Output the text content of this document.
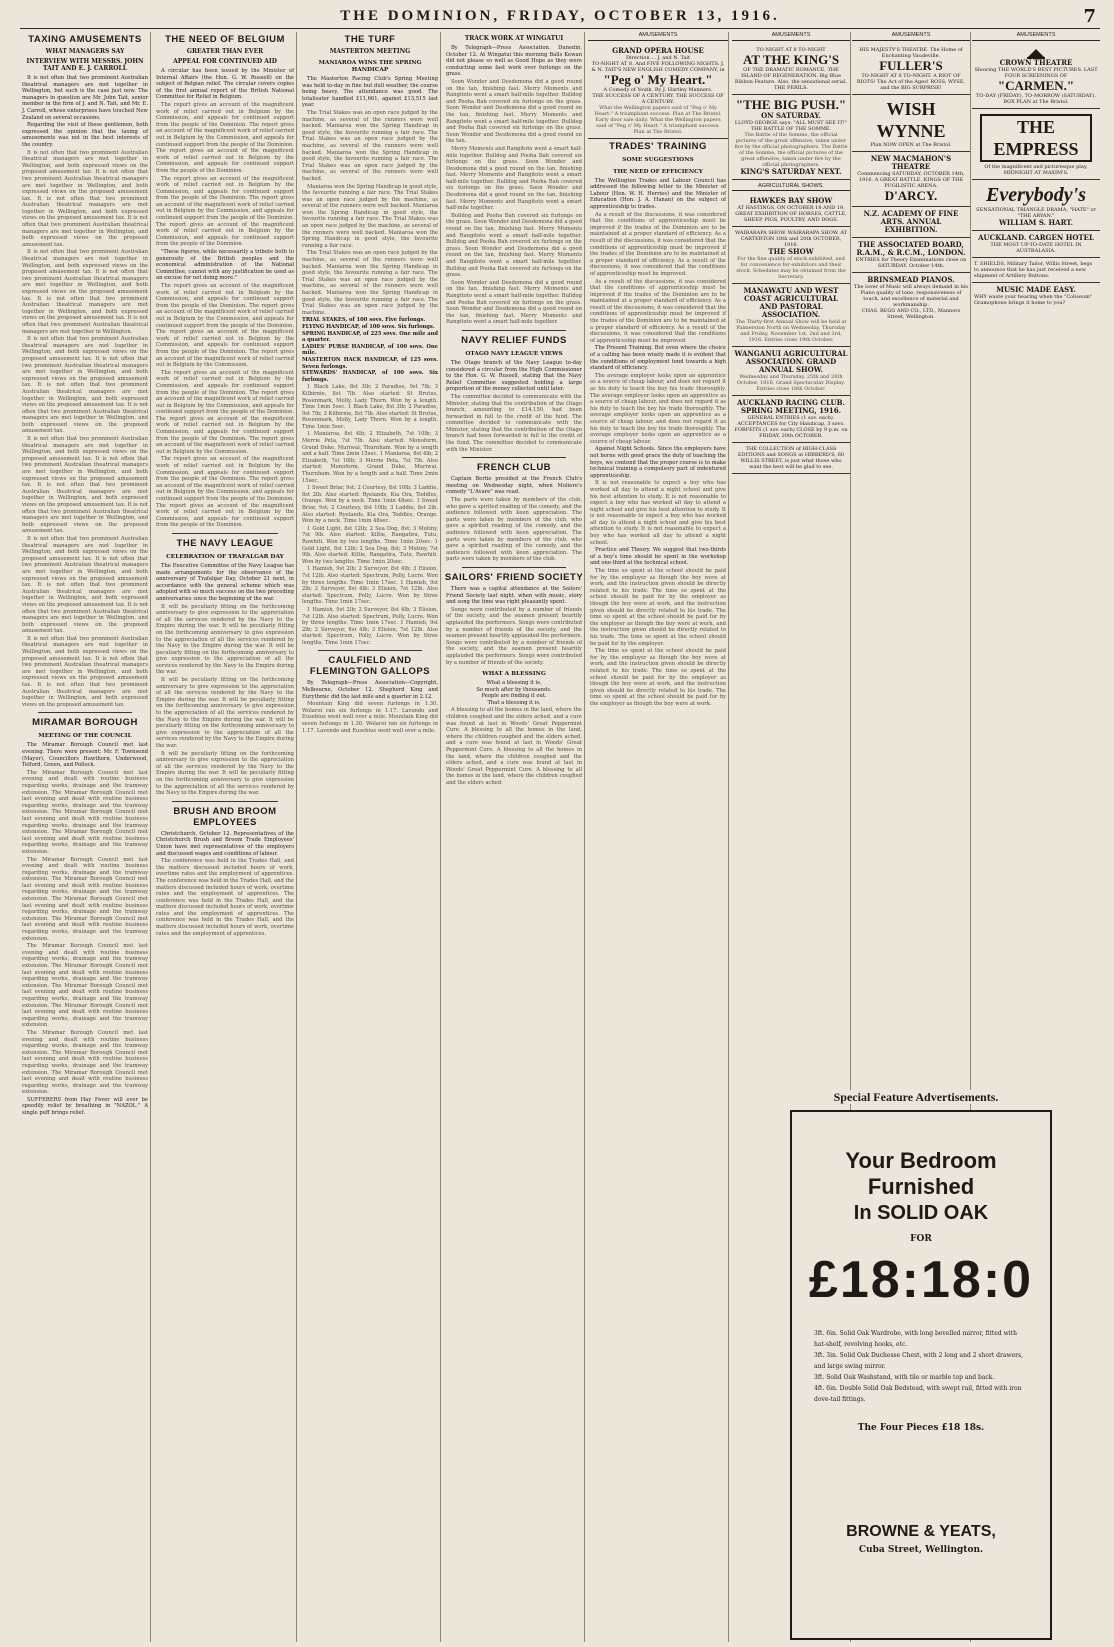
THE DOMINION, FRIDAY, OCTOBER 13, 1916.	7
TAXING AMUSEMENTS
WHAT MANAGERS SAY
INTERVIEW WITH MESSRS. JOHN TAIT AND E. J. CARROLL

It is not often that two prominent Australian theatrical managers are met together in Wellington, but such is the case just now. The managers in question are Mr. John Tait, senior member in the firm of J. and N. Tait, and Mr. E. J. Carroll, whose enterprises have touched New Zealand on several occasions.

Regarding the visit of these gentlemen, both expressed the opinion that the taxing of amusements was not in the best interests of the country.

It is not often that two prominent Australian theatrical managers are met together in Wellington, and both expressed views on the proposed amusement tax. It is not often that two prominent Australian theatrical managers are met together in Wellington, and both expressed views on the proposed amusement tax. It is not often that two prominent Australian theatrical managers are met together in Wellington, and both expressed views on the proposed amusement tax. It is not often that two prominent Australian theatrical managers are met together in Wellington, and both expressed views on the proposed amusement tax.

It is not often that two prominent Australian theatrical managers are met together in Wellington, and both expressed views on the proposed amusement tax. It is not often that two prominent Australian theatrical managers are met together in Wellington, and both expressed views on the proposed amusement tax. It is not often that two prominent Australian theatrical managers are met together in Wellington, and both expressed views on the proposed amusement tax. It is not often that two prominent Australian theatrical managers are met together in Wellington.

It is not often that two prominent Australian theatrical managers are met together in Wellington, and both expressed views on the proposed amusement tax. It is not often that two prominent Australian theatrical managers are met together in Wellington, and both expressed views on the proposed amusement tax. It is not often that two prominent Australian theatrical managers are met together in Wellington, and both expressed views on the proposed amusement tax. It is not often that two prominent Australian theatrical managers are met together in Wellington, and both expressed views on the proposed amusement tax.

It is not often that two prominent Australian theatrical managers are met together in Wellington, and both expressed views on the proposed amusement tax. It is not often that two prominent Australian theatrical managers are met together in Wellington, and both expressed views on the proposed amusement tax. It is not often that two prominent Australian theatrical managers are met together in Wellington, and both expressed views on the proposed amusement tax. It is not often that two prominent Australian theatrical managers are met together in Wellington, and both expressed views on the proposed amusement tax.

It is not often that two prominent Australian theatrical managers are met together in Wellington, and both expressed views on the proposed amusement tax. It is not often that two prominent Australian theatrical managers are met together in Wellington, and both expressed views on the proposed amusement tax. It is not often that two prominent Australian theatrical managers are met together in Wellington, and both expressed views on the proposed amusement tax. It is not often that two prominent Australian theatrical managers are met together in Wellington, and both expressed views on the proposed amusement tax.

It is not often that two prominent Australian theatrical managers are met together in Wellington, and both expressed views on the proposed amusement tax. It is not often that two prominent Australian theatrical managers are met together in Wellington, and both expressed views on the proposed amusement tax. It is not often that two prominent Australian theatrical managers are met together in Wellington, and both expressed views on the proposed amusement tax.

MIRAMAR BOROUGH
MEETING OF THE COUNCIL

The Miramar Borough Council met last evening. There were present: Mr. F. Townsend (Mayor), Councillors Hawthorn, Underwood, Telford, Green, and Pollock.

The Miramar Borough Council met last evening and dealt with routine business regarding works, drainage and the tramway extension. The Miramar Borough Council met last evening and dealt with routine business regarding works, drainage and the tramway extension. The Miramar Borough Council met last evening and dealt with routine business regarding works, drainage and the tramway extension. The Miramar Borough Council met last evening and dealt with routine business regarding works, drainage and the tramway extension.

The Miramar Borough Council met last evening and dealt with routine business regarding works, drainage and the tramway extension. The Miramar Borough Council met last evening and dealt with routine business regarding works, drainage and the tramway extension. The Miramar Borough Council met last evening and dealt with routine business regarding works, drainage and the tramway extension. The Miramar Borough Council met last evening and dealt with routine business regarding works, drainage and the tramway extension.

The Miramar Borough Council met last evening and dealt with routine business regarding works, drainage and the tramway extension. The Miramar Borough Council met last evening and dealt with routine business regarding works, drainage and the tramway extension. The Miramar Borough Council met last evening and dealt with routine business regarding works, drainage and the tramway extension. The Miramar Borough Council met last evening and dealt with routine business regarding works, drainage and the tramway extension.

The Miramar Borough Council met last evening and dealt with routine business regarding works, drainage and the tramway extension. The Miramar Borough Council met last evening and dealt with routine business regarding works, drainage and the tramway extension. The Miramar Borough Council met last evening and dealt with routine business regarding works, drainage and the tramway extension.

SUFFERERS from Hay Fever will ever be speedily relief by breathing in "NAZOL." A single puff brings relief.

THE NEED OF BELGIUM
GREATER THAN EVER
APPEAL FOR CONTINUED AID

A circular has been issued by the Minister of Internal Affairs (the Hon. G. W. Russell) on the subject of Belgian relief. The circular covers copies of the first annual report of the British National Committee for Relief in Belgium.

The report gives an account of the magnificent work of relief carried out in Belgium by the Commission, and appeals for continued support from the people of the Dominion. The report gives an account of the magnificent work of relief carried out in Belgium by the Commission, and appeals for continued support from the people of the Dominion. The report gives an account of the magnificent work of relief carried out in Belgium by the Commission, and appeals for continued support from the people of the Dominion.

The report gives an account of the magnificent work of relief carried out in Belgium by the Commission, and appeals for continued support from the people of the Dominion. The report gives an account of the magnificent work of relief carried out in Belgium by the Commission, and appeals for continued support from the people of the Dominion. The report gives an account of the magnificent work of relief carried out in Belgium by the Commission, and appeals for continued support from the people of the Dominion.

"These figures, while necessarily a tribute both to generosity of the British peoples and the economical administration of the National Committee, cannot with any justification be used as an excuse for not doing more."

The report gives an account of the magnificent work of relief carried out in Belgium by the Commission, and appeals for continued support from the people of the Dominion. The report gives an account of the magnificent work of relief carried out in Belgium by the Commission, and appeals for continued support from the people of the Dominion. The report gives an account of the magnificent work of relief carried out in Belgium by the Commission, and appeals for continued support from the people of the Dominion. The report gives an account of the magnificent work of relief carried out in Belgium by the Commission.

The report gives an account of the magnificent work of relief carried out in Belgium by the Commission, and appeals for continued support from the people of the Dominion. The report gives an account of the magnificent work of relief carried out in Belgium by the Commission, and appeals for continued support from the people of the Dominion. The report gives an account of the magnificent work of relief carried out in Belgium by the Commission, and appeals for continued support from the people of the Dominion. The report gives an account of the magnificent work of relief carried out in Belgium by the Commission.

The report gives an account of the magnificent work of relief carried out in Belgium by the Commission, and appeals for continued support from the people of the Dominion. The report gives an account of the magnificent work of relief carried out in Belgium by the Commission, and appeals for continued support from the people of the Dominion. The report gives an account of the magnificent work of relief carried out in Belgium by the Commission, and appeals for continued support from the people of the Dominion.

THE NAVY LEAGUE
CELEBRATION OF TRAFALGAR DAY

The Executive Committee of the Navy League has made arrangements for the observance of the anniversary of Trafalgar Day, October 21 next, in accordance with the general scheme which was adopted with so much success on the two preceding anniversaries since the beginning of the war.

It will be peculiarly fitting on the forthcoming anniversary to give expression to the appreciation of all the services rendered by the Navy to the Empire during the war. It will be peculiarly fitting on the forthcoming anniversary to give expression to the appreciation of all the services rendered by the Navy to the Empire during the war. It will be peculiarly fitting on the forthcoming anniversary to give expression to the appreciation of all the services rendered by the Navy to the Empire during the war.

It will be peculiarly fitting on the forthcoming anniversary to give expression to the appreciation of all the services rendered by the Navy to the Empire during the war. It will be peculiarly fitting on the forthcoming anniversary to give expression to the appreciation of all the services rendered by the Navy to the Empire during the war. It will be peculiarly fitting on the forthcoming anniversary to give expression to the appreciation of all the services rendered by the Navy to the Empire during the war.

It will be peculiarly fitting on the forthcoming anniversary to give expression to the appreciation of all the services rendered by the Navy to the Empire during the war. It will be peculiarly fitting on the forthcoming anniversary to give expression to the appreciation of all the services rendered by the Navy to the Empire during the war.

BRUSH AND BROOM EMPLOYEES

Christchurch, October 12. Representatives of the Christchurch Brush and Broom Trade Employees' Union have met representatives of the employers and discussed wages and conditions of labour.

The conference was held in the Trades Hall, and the matters discussed included hours of work, overtime rates and the employment of apprentices. The conference was held in the Trades Hall, and the matters discussed included hours of work, overtime rates and the employment of apprentices. The conference was held in the Trades Hall, and the matters discussed included hours of work, overtime rates and the employment of apprentices. The conference was held in the Trades Hall, and the matters discussed included hours of work, overtime rates and the employment of apprentices.

THE TURF
MASTERTON MEETING
MANIAROA WINS THE SPRING HANDICAP

The Masterton Racing Club's Spring Meeting was held to-day in fine but dull weather, the course being heavy. The attendance was good. The totalisator handled £11,661, against £13,515 last year.

The Trial Stakes was an open race judged by the machine, as several of the runners were well backed. Maniaroa won the Spring Handicap in good style, the favourite running a fair race. The Trial Stakes was an open race judged by the machine, as several of the runners were well backed. Maniaroa won the Spring Handicap in good style, the favourite running a fair race. The Trial Stakes was an open race judged by the machine, as several of the runners were well backed.

Maniaroa won the Spring Handicap in good style, the favourite running a fair race. The Trial Stakes was an open race judged by the machine, as several of the runners were well backed. Maniaroa won the Spring Handicap in good style, the favourite running a fair race. The Trial Stakes was an open race judged by the machine, as several of the runners were well backed. Maniaroa won the Spring Handicap in good style, the favourite running a fair race.

The Trial Stakes was an open race judged by the machine, as several of the runners were well backed. Maniaroa won the Spring Handicap in good style, the favourite running a fair race. The Trial Stakes was an open race judged by the machine, as several of the runners were well backed. Maniaroa won the Spring Handicap in good style, the favourite running a fair race. The Trial Stakes was an open race judged by the machine.

TRIAL STAKES, of 100 sovs. Five furlongs.
FLYING HANDICAP, of 100 sovs. Six furlongs.
SPRING HANDICAP, of 225 sovs. One mile and a quarter.
LADIES' PURSE HANDICAP, of 100 sovs. One mile.
MASTERTON HACK HANDICAP, of 125 sovs. Seven furlongs.
STEWARDS' HANDICAP, of 100 sovs. Six furlongs.

1 Black Lake, 8st 3lb; 2 Paradise, 9st 7lb; 3 Kilbirnie, 8st 7lb. Also started: St Brutus, Rosenmark, Molly, Lady Thorn. Won by a length. Time 1min 5sec. 1 Black Lake, 8st 3lb; 2 Paradise, 9st 7lb; 3 Kilbirnie, 8st 7lb. Also started: St Brutus, Rosenmark, Molly, Lady Thorn. Won by a length. Time 1min 5sec.

1 Maniaroa, 8st 4lb; 2 Elizabeth, 7st 10lb; 3 Merrie Peta, 7st 7lb. Also started: Monoform, Grand Duke, Muriwai, Thurnham. Won by a length and a half. Time 2min 15sec. 1 Maniaroa, 8st 4lb; 2 Elizabeth, 7st 10lb; 3 Merrie Peta, 7st 7lb. Also started: Monoform, Grand Duke, Muriwai, Thurnham. Won by a length and a half. Time 2min 15sec.

1 Sweet Briar, 9st; 2 Courtesy, 8st 10lb; 3 Laddie, 8st 2lb. Also started: Ryelands, Kia Ora, Toddles, Orange. Won by a neck. Time 1min 48sec. 1 Sweet Briar, 9st; 2 Courtesy, 8st 10lb; 3 Laddie, 8st 2lb. Also started: Ryelands, Kia Ora, Toddles, Orange. Won by a neck. Time 1min 48sec.

1 Gold Light, 8st 12lb; 2 Sea Dog, 8st; 3 Mutiny, 7st 9lb. Also started: Kiltie, Rangatira, Tutu, Rawhiti. Won by two lengths. Time 1min 20sec. 1 Gold Light, 8st 12lb; 2 Sea Dog, 8st; 3 Mutiny, 7st 9lb. Also started: Kiltie, Rangatira, Tutu, Rawhiti. Won by two lengths. Time 1min 20sec.

1 Hamish, 9st 2lb; 2 Surveyor, 8st 4lb; 3 Elision, 7st 12lb. Also started: Spectrum, Polly, Lucre. Won by three lengths. Time 1min 17sec. 1 Hamish, 9st 2lb; 2 Surveyor, 8st 4lb; 3 Elision, 7st 12lb. Also started: Spectrum, Polly, Lucre. Won by three lengths. Time 1min 17sec.

1 Hamish, 9st 2lb; 2 Surveyor, 8st 4lb; 3 Elision, 7st 12lb. Also started: Spectrum, Polly, Lucre. Won by three lengths. Time 1min 17sec. 1 Hamish, 9st 2lb; 2 Surveyor, 8st 4lb; 3 Elision, 7st 12lb. Also started: Spectrum, Polly, Lucre. Won by three lengths. Time 1min 17sec.

CAULFIELD AND FLEMINGTON GALLOPS

By Telegraph—Press Association—Copyright. Melbourne, October 12. Shepherd King and Eurythmic did the last mile and a quarter in 2.12.

Mountain King did seven furlongs in 1.30. Wolaroi ran six furlongs in 1.17. Lavendo and Eusebius went well over a mile. Mountain King did seven furlongs in 1.30. Wolaroi ran six furlongs in 1.17. Lavendo and Eusebius went well over a mile.

TRACK WORK AT WINGATUI

By Telegraph—Press Association. Dunedin, October 12. At Wingatui this morning Balls Kewan did not please so well as Good Hope as they were conducting some fast work over furlongs on the grass.

Soon Wonder and Desdemona did a good round on the tan, finishing fast. Merry Moments and Rangitoto went a smart half-mile together. Bulldog and Pooha Bah covered six furlongs on the grass. Soon Wonder and Desdemona did a good round on the tan, finishing fast. Merry Moments and Rangitoto went a smart half-mile together. Bulldog and Pooha Bah covered six furlongs on the grass. Soon Wonder and Desdemona did a good round on the tan.

Merry Moments and Rangitoto went a smart half-mile together. Bulldog and Pooha Bah covered six furlongs on the grass. Soon Wonder and Desdemona did a good round on the tan, finishing fast. Merry Moments and Rangitoto went a smart half-mile together. Bulldog and Pooha Bah covered six furlongs on the grass. Soon Wonder and Desdemona did a good round on the tan, finishing fast. Merry Moments and Rangitoto went a smart half-mile together.

Bulldog and Pooha Bah covered six furlongs on the grass. Soon Wonder and Desdemona did a good round on the tan, finishing fast. Merry Moments and Rangitoto went a smart half-mile together. Bulldog and Pooha Bah covered six furlongs on the grass. Soon Wonder and Desdemona did a good round on the tan, finishing fast. Merry Moments and Rangitoto went a smart half-mile together. Bulldog and Pooha Bah covered six furlongs on the grass.

Soon Wonder and Desdemona did a good round on the tan, finishing fast. Merry Moments and Rangitoto went a smart half-mile together. Bulldog and Pooha Bah covered six furlongs on the grass. Soon Wonder and Desdemona did a good round on the tan, finishing fast. Merry Moments and Rangitoto went a smart half-mile together.

NAVY RELIEF FUNDS
OTAGO NAVY LEAGUE VIEWS

The Otago branch of the Navy League to-day considered a circular from the High Commissioner to the Hon. G. W. Russell, stating that the Navy Relief Committee suggested holding a large proportion of the money collected until later.

The committee decided to communicate with the Minister, stating that the contribution of the Otago branch, amounting to £14,150, had been forwarded in full to the credit of the fund. The committee decided to communicate with the Minister, stating that the contribution of the Otago branch had been forwarded in full to the credit of the fund. The committee decided to communicate with the Minister.

FRENCH CLUB

Captain Bertie presided at the French Club's meeting on Wednesday night, when Moliere's comedy "L'Avare" was read.

The parts were taken by members of the club, who gave a spirited reading of the comedy, and the audience followed with keen appreciation. The parts were taken by members of the club, who gave a spirited reading of the comedy, and the audience followed with keen appreciation. The parts were taken by members of the club, who gave a spirited reading of the comedy, and the audience followed with keen appreciation. The parts were taken by members of the club.

SAILORS' FRIEND SOCIETY

There was a capital attendance at the Sailors' Friend Society last night, when with music, story and song the time was right pleasantly spent.

Songs were contributed by a number of friends of the society, and the seamen present heartily applauded the performers. Songs were contributed by a number of friends of the society, and the seamen present heartily applauded the performers. Songs were contributed by a number of friends of the society, and the seamen present heartily applauded the performers. Songs were contributed by a number of friends of the society.

WHAT A BLESSING

What a blessing it is,
So much after by thousands.
People are finding it out.
That a blessing it is.

A blessing to all the homes in the land, where the children coughed and the elders ached, and a cure was found at last in Woods' Great Peppermint Cure. A blessing to all the homes in the land, where the children coughed and the elders ached, and a cure was found at last in Woods' Great Peppermint Cure. A blessing to all the homes in the land, where the children coughed and the elders ached, and a cure was found at last in Woods' Great Peppermint Cure. A blessing to all the homes in the land, where the children coughed and the elders ached.

AMUSEMENTS
GRAND OPERA HOUSE
Direction ... J. and N. Tait
TO-NIGHT AT 8. And FIVE FOLLOWING NIGHTS. J. & N. TAIT'S NEW ENGLISH COMEDY COMPANY, in
"Peg o' My Heart."
A Comedy of Youth. By J. Hartley Manners.
THE SUCCESS OF A CENTURY. THE SUCCESS OF A CENTURY.
What the Wellington papers said of "Peg o' My Heart." A triumphant success. Plan at The Bristol. Early door sale daily. What the Wellington papers said of "Peg o' My Heart." A triumphant success. Plan at The Bristol.
TRADES' TRAINING
SOME SUGGESTIONS
THE NEED OF EFFICIENCY

The Wellington Trades and Labour Council has addressed the following letter to the Minister of Labour (Hon. W. H. Herries) and the Minister of Education (Hon. J. A. Hanan) on the subject of apprenticeship to trades.

As a result of the discussions, it was considered that the conditions of apprenticeship must be improved if the trades of the Dominion are to be maintained at a proper standard of efficiency. As a result of the discussions, it was considered that the conditions of apprenticeship must be improved if the trades of the Dominion are to be maintained at a proper standard of efficiency. As a result of the discussions, it was considered that the conditions of apprenticeship must be improved.

As a result of the discussions, it was considered that the conditions of apprenticeship must be improved if the trades of the Dominion are to be maintained at a proper standard of efficiency. As a result of the discussions, it was considered that the conditions of apprenticeship must be improved if the trades of the Dominion are to be maintained at a proper standard of efficiency. As a result of the discussions, it was considered that the conditions of apprenticeship must be improved.

The Present Training. But even where the choice of a calling has been wisely made it is evident that the conditions of employment tend towards a high standard of efficiency.

The average employer looks upon an apprentice as a source of cheap labour, and does not regard it as his duty to teach the boy his trade thoroughly. The average employer looks upon an apprentice as a source of cheap labour, and does not regard it as his duty to teach the boy his trade thoroughly. The average employer looks upon an apprentice as a source of cheap labour, and does not regard it as his duty to teach the boy his trade thoroughly. The average employer looks upon an apprentice as a source of cheap labour.

Against Night Schools. Since the employers have not borne with good grace the duty of teaching the boys, we contend that the proper course is to make technical training a compulsory part of indentured apprenticeship.

It is not reasonable to expect a boy who has worked all day to attend a night school and give his best attention to study. It is not reasonable to expect a boy who has worked all day to attend a night school and give his best attention to study. It is not reasonable to expect a boy who has worked all day to attend a night school and give his best attention to study. It is not reasonable to expect a boy who has worked all day to attend a night school.

Practice and Theory. We suggest that two-thirds of a boy's time should be spent in the workshop and one-third at the technical school.

The time so spent at the school should be paid for by the employer as though the boy were at work, and the instruction given should be directly related to his trade. The time so spent at the school should be paid for by the employer as though the boy were at work, and the instruction given should be directly related to his trade. The time so spent at the school should be paid for by the employer as though the boy were at work, and the instruction given should be directly related to his trade. The time so spent at the school should be paid for by the employer.

The time so spent at the school should be paid for by the employer as though the boy were at work, and the instruction given should be directly related to his trade. The time so spent at the school should be paid for by the employer as though the boy were at work, and the instruction given should be directly related to his trade. The time so spent at the school should be paid for by the employer as though the boy were at work.

AMUSEMENTS
TO-NIGHT AT 8 TO-NIGHT
AT THE KING'S
OF THE DRAMATIC ROMANCE, THE ISLAND OF REGENERATION. Big Blue Ribbon Feature. Also, the sensational serial, THE PERILS.
"THE BIG PUSH."
ON SATURDAY.
LLOYD GEORGE says: "ALL MUST SEE IT!" THE BATTLE OF THE SOMME.
The Battle of the Somme, the official pictures of the great offensive, taken under fire by the official photographers. The Battle of the Somme, the official pictures of the great offensive, taken under fire by the official photographers.
KING'S SATURDAY NEXT.
AGRICULTURAL SHOWS.
HAWKES BAY SHOW
AT HASTINGS, ON OCTOBER 18 AND 19. GREAT EXHIBITION OF HORSES, CATTLE, SHEEP, PIGS, POULTRY, AND DOGS.
WAIRARAPA SHOW. WAIRARAPA SHOW. AT CARTERTON 18th and 20th OCTOBER, 1916.
THE SHOW
For the fine quality of stock exhibited, and for convenience for exhibitors and their stock. Schedules may be obtained from the Secretary.
MANAWATU AND WEST COAST AGRICULTURAL AND PASTORAL ASSOCIATION.
The Thirty-first Annual Show will be held at Palmerston North on Wednesday, Thursday and Friday, November 1st, 2nd and 3rd, 1916. Entries close 19th October.
WANGANUI AGRICULTURAL ASSOCIATION. GRAND ANNUAL SHOW.
Wednesday and Thursday, 25th and 26th October, 1916. Grand Spectacular Display. Entries close 18th October.
AUCKLAND RACING CLUB. SPRING MEETING, 1916.
GENERAL ENTRIES (1 sov. each). ACCEPTANCES for City Handicap, 3 sovs. FORFEITS (1 sov. each) CLOSE by 9 p.m. on FRIDAY, 20th OCTOBER.
THE COLLECTION of HIGH-CLASS EDITIONS and SONGS at HIBBERD'S, 60 WILLIS STREET, is just what those who want the best will be glad to see.
AMUSEMENTS
HIS MAJESTY'S THEATRE. The Home of Enchanting Vaudeville.
FULLER'S
TO-NIGHT AT 8 TO-NIGHT. A RIOT OF RIOTS! The Act of the Ages! ROSS, WYSE, and the BIG SURPRISE!
WISH WYNNE
Plan NOW OPEN at The Bristol.
NEW MACMAHON'S THEATRE
Commencing SATURDAY, OCTOBER 14th, 1916. A GREAT BATTLE. KINGS OF THE PUGILISTIC ARENA.
D'ARCY.
N.Z. ACADEMY OF FINE ARTS. ANNUAL EXHIBITION.
THE ASSOCIATED BOARD, R.A.M., & R.C.M., LONDON.
ENTRIES for Theory Examinations close on SATURDAY, October 14th.
BRINSMEAD PIANOS.
The lover of Music will always demand in his Piano quality of tone, responsiveness of touch, and excellence of material and workmanship.
CHAS. BEGG AND CO., LTD., Manners Street, Wellington.
AMUSEMENTS
CROWN THEATRE
Showing THE WORLD'S BEST PICTURES. LAST FOUR SCREENINGS OF
"CARMEN."
TO-DAY (FRIDAY), TO-MORROW (SATURDAY). BOX PLAN at The Bristol.
THE EMPRESS
Of the magnificent and picturesque play, MIDNIGHT AT MAXIM'S.
Everybody's
SENSATIONAL TRIANGLE DRAMA, "HATE" or "THE ARYAN."
WILLIAM S. HART.
AUCKLAND. CARGEN HOTEL
THE MOST UP-TO-DATE HOTEL IN AUSTRALASIA.
T. SHIELDS, Military Tailor, Willis Street, begs to announce that he has just received a new shipment of Artillery Buttons.
MUSIC MADE EASY.
WHY waste your hearing when the "Coliseum" Gramophone brings it home to you?
Special Feature Advertisements.
Your Bedroom Furnished
In SOLID OAK
FOR
£18:18:0
3ft. 6in. Solid Oak Wardrobe, with long bevelled mirror, fitted with hat-shelf, revolving hooks, etc.
3ft. 3in. Solid Oak Duchesse Chest, with 2 long and 2 short drawers, and large swing mirror.
3ft. Solid Oak Washstand, with tile or marble top and back.
4ft. 6in. Double Solid Oak Bedstead, with swept rail, fitted with iron dove-tail fittings.
The Four Pieces £18 18s.
BROWNE & YEATS,
Cuba Street, Wellington.
